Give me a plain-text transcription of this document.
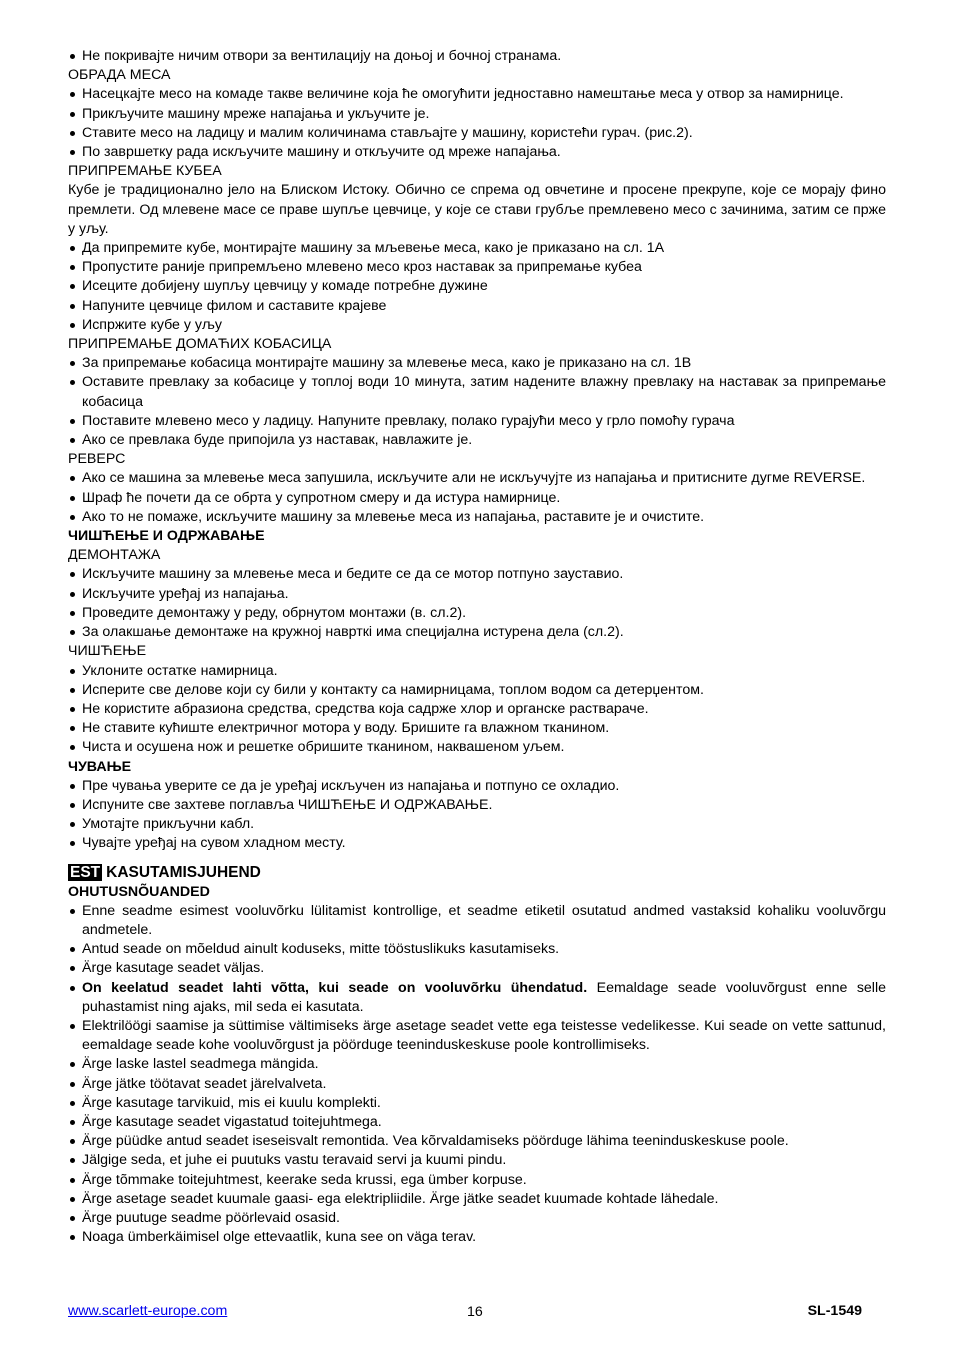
Не покривајте ничим отвори за вентилацију на доњој и бочној странама.
ОБРАДА МЕСА
Насецкајте месо на комаде такве величине која ће омогућити једноставно намештање меса у отвор за намирнице.
Прикључите машину мреже напајања и укључите је.
Ставите месо на ладицу и малим количинама стављајте у машину, користећи гурач. (рис.2).
По завршетку рада искључите машину и откључите од мреже напајања.
ПРИПРЕМАЊЕ КУБЕА
Кубе је традиционално јело на Блиском Истоку. Обично се спрема од овчетине и просене прекрупе, које се морају фино премлети. Од млевене масе се праве шупље цевчице, у које се стави грубље премлевено месо с зачинима, затим се прже у уљу.
Да припремите кубе, монтирајте машину за мљевење меса, како је приказано на сл. 1А
Пропустите раније припремљено млевено месо кроз наставак за припремање кубеа
Исеците добијену шупљу цевчицу у комаде потребне дужине
Напуните цевчице филом и саставите крајеве
Испржите кубе у уљу
ПРИПРЕМАЊЕ ДОМАЋИХ КОБАСИЦА
За припремање кобасица монтирајте машину за млевење меса, како је приказано на сл. 1В
Оставите превлаку за кобасице у топлој води 10 минута, затим надените влажну превлаку на наставак за припремање кобасица
Поставите млевено месо у ладицу. Напуните превлаку, полако гурајући месо у грло помоћу гурача
Ако се превлака буде припојила уз наставак, навлажите је.
РЕВЕРС
Ако се машина за млевење меса запушила, искључите али не искључујте из напајања и притисните дугме REVERSE.
Шраф ће почети да се обрта у супротном смеру и да истура намирнице.
Ако то не помаже, искључите машину за млевење меса из напајања, раставите је и очистите.
ЧИШЋЕЊЕ И ОДРЖАВАЊЕ
ДЕМОНТАЖА
Искључите машину за млевење меса и бедите се да се мотор потпуно зауставио.
Искључите уређај из напајања.
Проведите демонтажу у реду, обрнутом монтажи (в. сл.2).
За олакшање демонтаже на кружној наврткi има специјална истурена дела (сл.2).
ЧИШЋЕЊЕ
Уклоните остатке намирница.
Исперите све делове који су били у контакту са намирницама, топлом водом са детерџентом.
Не користите абразиона средства, средства која садрже хлор и органске раствараче.
Не ставите кућиште електричног мотора у воду. Бришите га влажном тканином.
Чиста и осушена нож и решетке обришите тканином, наквашеном уљем.
ЧУВАЊЕ
Пре чувања уверите се да је уређај искључен из напајања и потпуно се охладио.
Испуните све захтеве поглавља ЧИШЋЕЊЕ И ОДРЖАВАЊЕ.
Умотајте прикључни кабл.
Чувајте уређај на сувом хладном месту.
EST KASUTAMISJUHEND
OHUTUSNÕUANDED
Enne seadme esimest vooluvõrku lülitamist kontrollige, et seadme etiketil osutatud andmed vastaksid kohaliku vooluvõrgu andmetele.
Antud seade on mõeldud ainult koduseks, mitte tööstuslikuks kasutamiseks.
Ärge kasutage seadet väljas.
On keelatud seadet lahti võtta, kui seade on vooluvõrku ühendatud. Eemaldage seade vooluvõrgust enne selle puhastamist ning ajaks, mil seda ei kasutata.
Elektrilöögi saamise ja süttimise vältimiseks ärge asetage seadet vette ega teistesse vedelikesse. Kui seade on vette sattunud, eemaldage seade kohe vooluvõrgust ja pöörduge teeninduskeskuse poole kontrollimiseks.
Ärge laske lastel seadmega mängida.
Ärge jätke töötavat seadet järelvalveta.
Ärge kasutage tarvikuid, mis ei kuulu komplekti.
Ärge kasutage seadet vigastatud toitejuhtmega.
Ärge püüdke antud seadet iseseisvalt remontida. Vea kõrvaldamiseks pöörduge lähima teeninduskeskuse poole.
Jälgige seda, et juhe ei puutuks vastu teravaid servi ja kuumi pindu.
Ärge tõmmake toitejuhtmest, keerake seda krussi, ega ümber korpuse.
Ärge asetage seadet kuumale gaasi- ega elektripliidile. Ärge jätke seadet kuumade kohtade lähedale.
Ärge puutuge seadme pöörlevaid osasid.
Noaga ümberkäimisel olge ettevaatlik, kuna see on väga terav.
www.scarlett-europe.com	16	SL-1549
